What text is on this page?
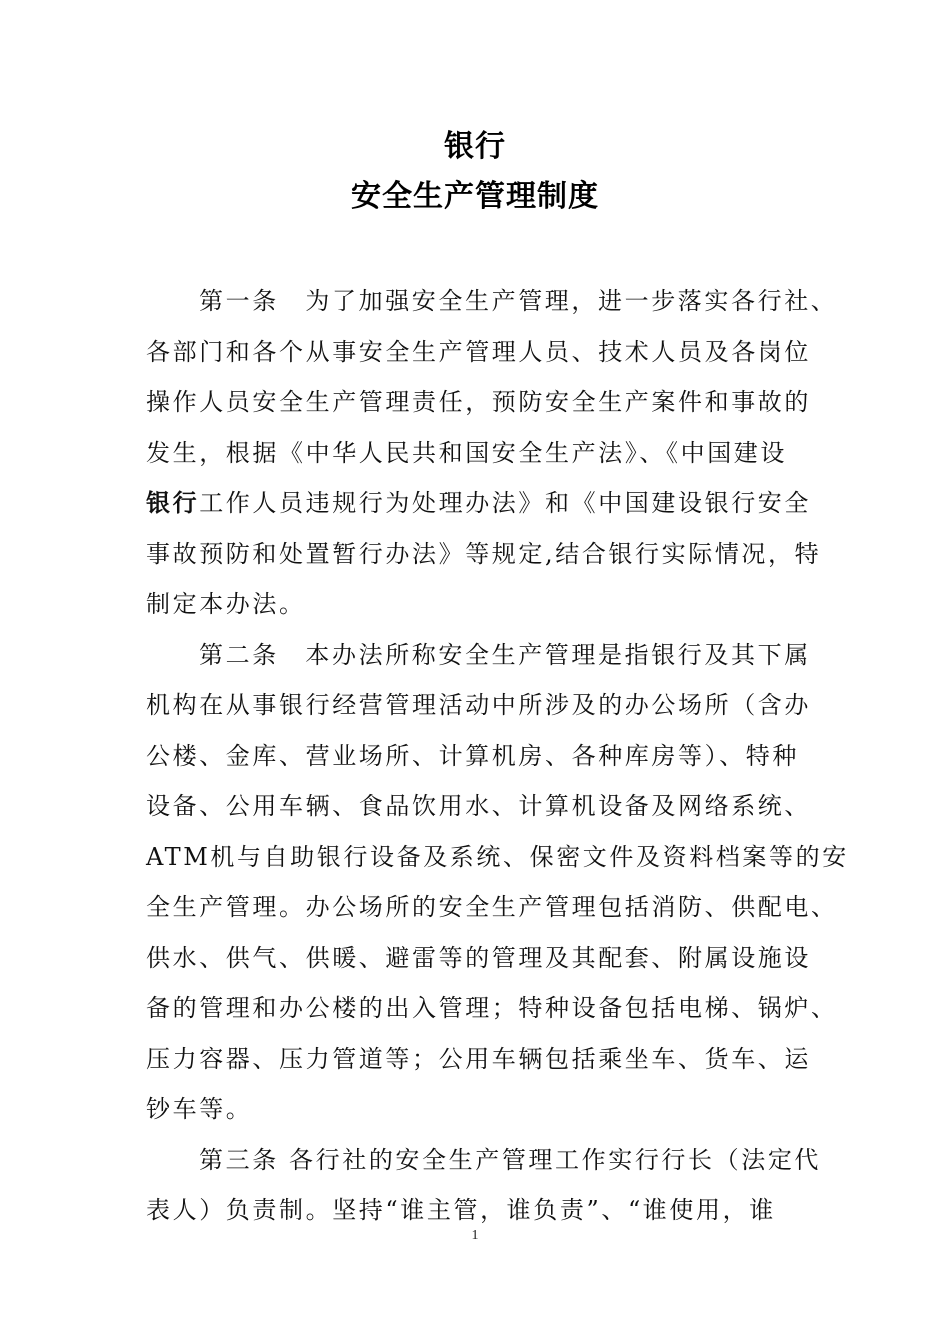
银行
安全生产管理制度
第一条　为了加强安全生产管理，进一步落实各行社、
各部门和各个从事安全生产管理人员、技术人员及各岗位
操作人员安全生产管理责任，预防安全生产案件和事故的
发生，根据《中华人民共和国安全生产法》、《中国建设
银行工作人员违规行为处理办法》和《中国建设银行安全
事故预防和处置暂行办法》等规定,结合银行实际情况，特
制定本办法。
第二条　本办法所称安全生产管理是指银行及其下属
机构在从事银行经营管理活动中所涉及的办公场所（含办
公楼、金库、营业场所、计算机房、各种库房等）、特种
设备、公用车辆、食品饮用水、计算机设备及网络系统、
ATM机与自助银行设备及系统、保密文件及资料档案等的安
全生产管理。办公场所的安全生产管理包括消防、供配电、
供水、供气、供暖、避雷等的管理及其配套、附属设施设
备的管理和办公楼的出入管理；特种设备包括电梯、锅炉、
压力容器、压力管道等；公用车辆包括乘坐车、货车、运
钞车等。
第三条 各行社的安全生产管理工作实行行长（法定代
表人）负责制。坚持“谁主管，谁负责”、“谁使用，谁
1
